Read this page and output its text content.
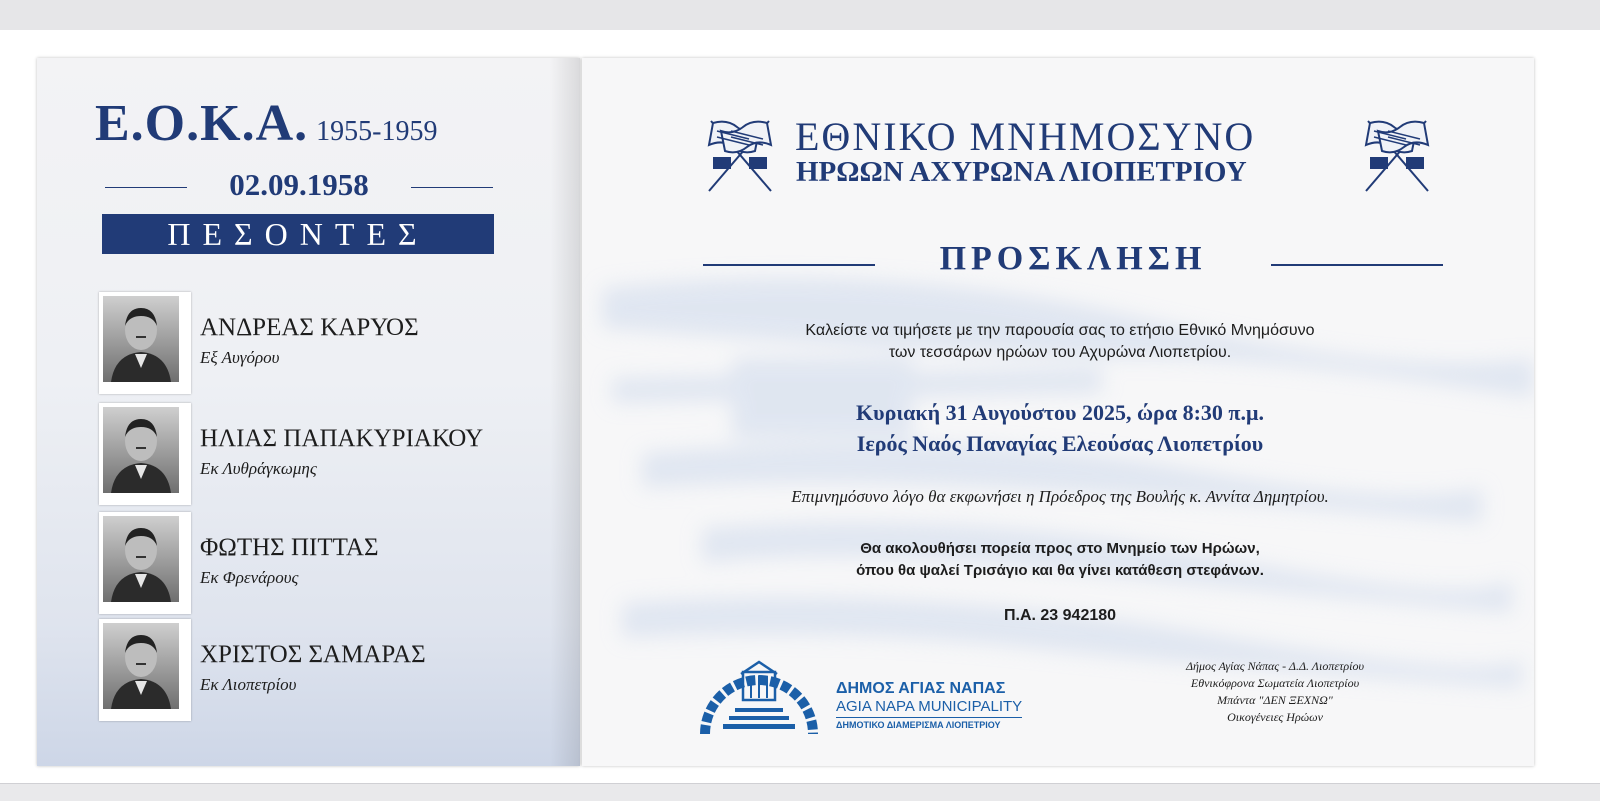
Ε.Ο.Κ.Α. 1955-1959
02.09.1958
ΠΕΣΟΝΤΕΣ
ΑΝΔΡΕΑΣ ΚΑΡΥΟΣ
Εξ Αυγόρου
ΗΛΙΑΣ ΠΑΠΑΚΥΡΙΑΚΟΥ
Εκ Λυθράγκωμης
ΦΩΤΗΣ ΠΙΤΤΑΣ
Εκ Φρενάρους
ΧΡΙΣΤΟΣ ΣΑΜΑΡΑΣ
Εκ Λιοπετρίου
ΕΘΝΙΚΟ ΜΝΗΜΟΣΥΝΟ
ΗΡΩΩΝ ΑΧΥΡΩΝΑ ΛΙΟΠΕΤΡΙΟΥ
ΠΡΟΣΚΛΗΣΗ
Καλείστε να τιμήσετε με την παρουσία σας το ετήσιο Εθνικό Μνημόσυνο
των τεσσάρων ηρώων του Αχυρώνα Λιοπετρίου.
Κυριακή 31 Αυγούστου 2025, ώρα 8:30 π.μ.
Ιερός Ναός Παναγίας Ελεούσας Λιοπετρίου
Επιμνημόσυνο λόγο θα εκφωνήσει η Πρόεδρος της Βουλής κ. Αννίτα Δημητρίου.
Θα ακολουθήσει πορεία προς στο Μνημείο των Ηρώων,
όπου θα ψαλεί Τρισάγιο και θα γίνει κατάθεση στεφάνων.
Π.Α. 23 942180
ΔΗΜΟΣ ΑΓΙΑΣ ΝΑΠΑΣ
AGIA NAPA MUNICIPALITY
ΔΗΜΟΤΙΚΟ ΔΙΑΜΕΡΙΣΜΑ ΛΙΟΠΕΤΡΙΟΥ
Δήμος Αγίας Νάπας - Δ.Δ. Λιοπετρίου
Εθνικόφρονα Σωματεία Λιοπετρίου
Μπάντα "ΔΕΝ ΞΕΧΝΩ"
Οικογένειες Ηρώων
